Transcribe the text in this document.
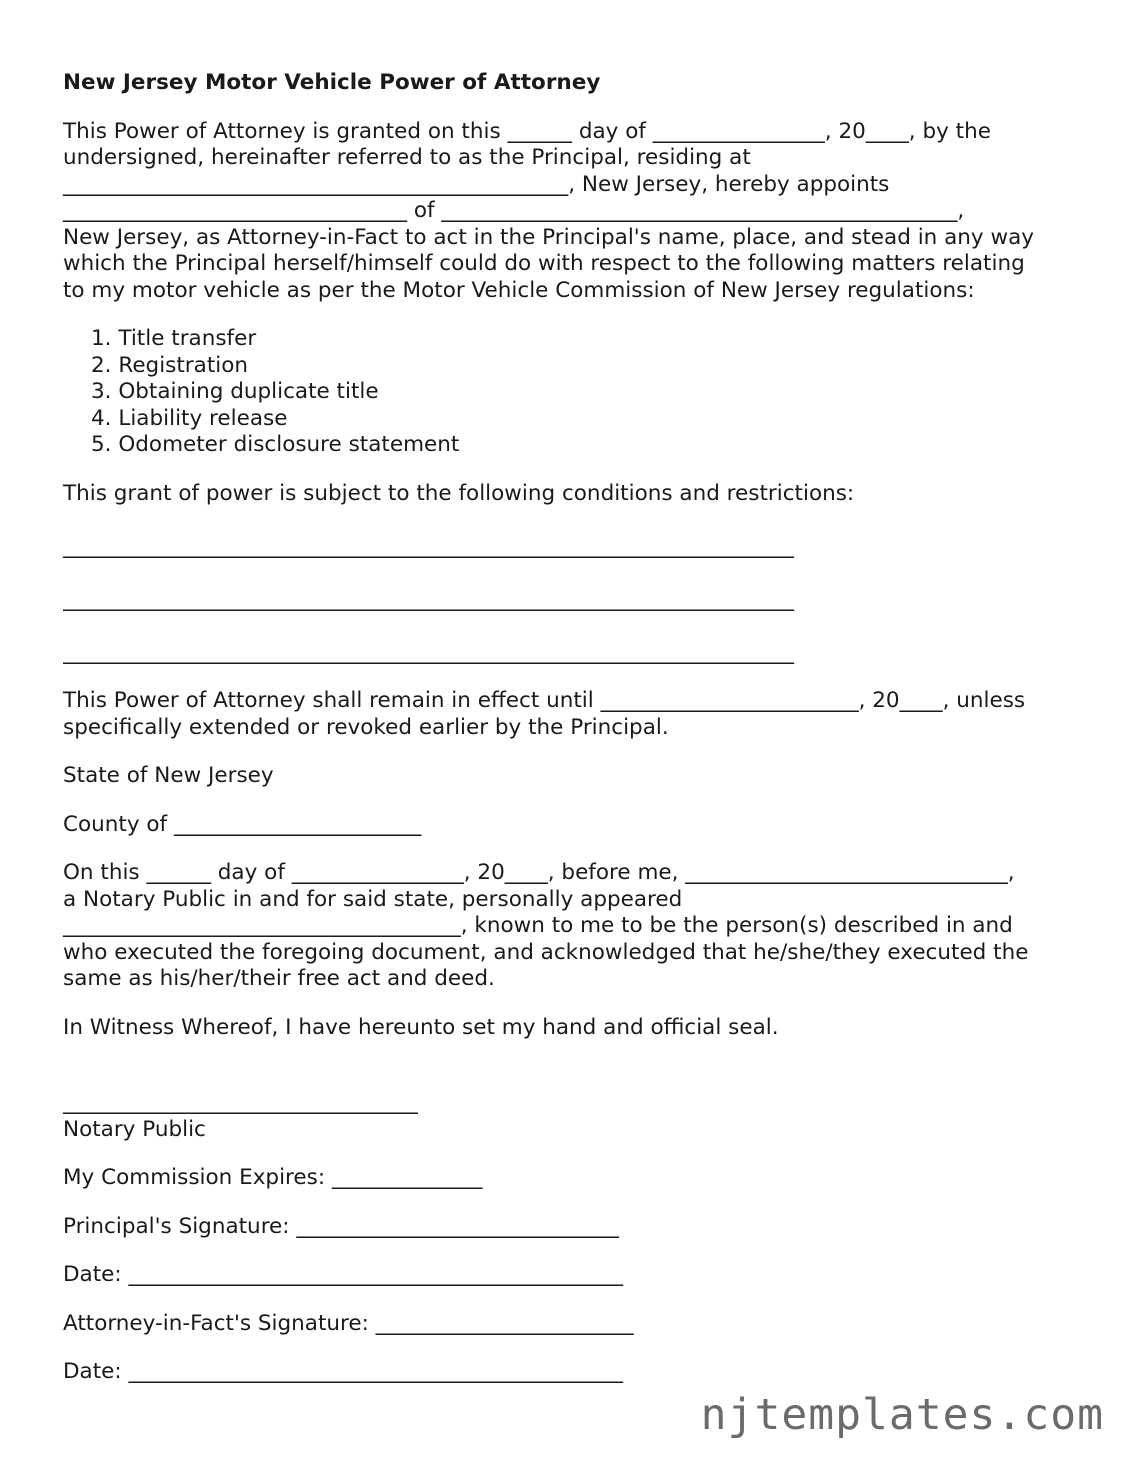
New Jersey Motor Vehicle Power of Attorney

This Power of Attorney is granted on this ______ day of ________________, 20____, by the
undersigned, hereinafter referred to as the Principal, residing at
_______________________________________________, New Jersey, hereby appoints
________________________________ of ________________________________________________,
New Jersey, as Attorney-in-Fact to act in the Principal's name, place, and stead in any way
which the Principal herself/himself could do with respect to the following matters relating
to my motor vehicle as per the Motor Vehicle Commission of New Jersey regulations:

1. Title transfer
2. Registration
3. Obtaining duplicate title
4. Liability release
5. Odometer disclosure statement

This grant of power is subject to the following conditions and restrictions:

____________________________________________________________________
____________________________________________________________________
____________________________________________________________________

This Power of Attorney shall remain in effect until ________________________, 20____, unless
specifically extended or revoked earlier by the Principal.

State of New Jersey

County of _______________________

On this ______ day of ________________, 20____, before me, ______________________________,
a Notary Public in and for said state, personally appeared
_____________________________________, known to me to be the person(s) described in and
who executed the foregoing document, and acknowledged that he/she/they executed the
same as his/her/their free act and deed.

In Witness Whereof, I have hereunto set my hand and official seal.

_________________________________
Notary Public

My Commission Expires: ______________

Principal's Signature: ______________________________

Date: ______________________________________________

Attorney-in-Fact's Signature: ________________________

Date: ______________________________________________

njtemplates.com
